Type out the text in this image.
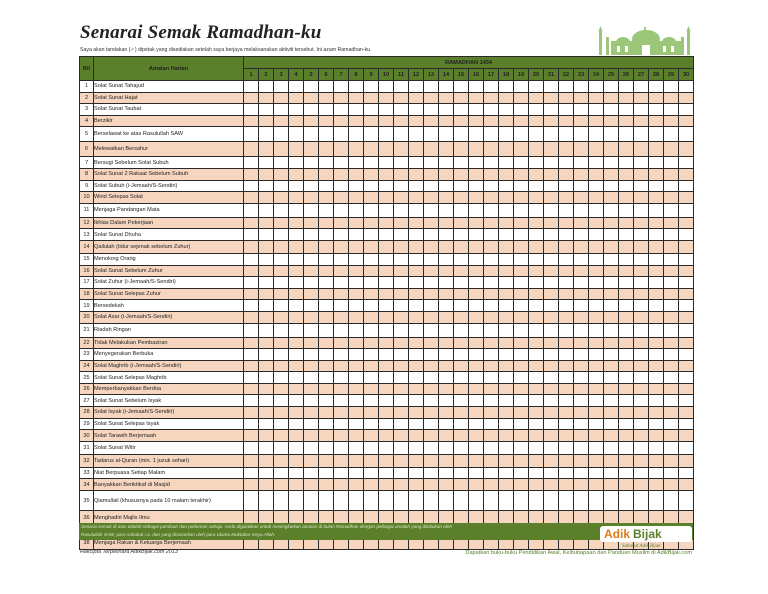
Senarai Semak Ramadhan-ku
Saya akan tandakan (✓) dipetak yang disediakan setelah saya berjaya melaksanakan aktiviti tersebut. Ini azam Ramadhan-ku.
Bil	Amalan Harian	RAMADHAN 1434																													
		1	2	3	4	5	6	7	8	9	10	11	12	13	14	15	16	17	18	19	20	21	22	23	24	25	26	27	28	29	30
1	Solat Sunat Tahajud																														
2	Solat Sunat Hajat																														
3	Solat Sunat Taubat																														
4	Berzikir																														
5	Berselawat ke atas Rasulullah SAW																														
6	Melewatkan Bersahur																														
7	Bersugi Sebelum Solat Subuh																														
8	Solat Sunat 2 Rakaat Sebelum Subuh																														
9	Solat Subuh (i-Jemaah/S-Sendiri)																														
10	Wirid Selepas Solat																														
11	Menjaga Pandangan Mata																														
12	Ikhlas Dalam Pekerjaan																														
13	Solat Sunat Dhuha																														
14	Qailulah (tidur sejenak sebelum Zuhur)																														
15	Menolong Orang																														
16	Solat Sunat Sebelum Zuhur																														
17	Solat Zuhur (i-Jemaah/S-Sendiri)																														
18	Solat Sunat Selepas Zuhur																														
19	Bersedekah																														
20	Solat Asar (i-Jemaah/S-Sendiri)																														
21	Riadah Ringan																														
22	Tidak Melakukan Pembaziran																														
23	Menyegerakan Berbuka																														
24	Solat Maghrib (i-Jemaah/S-Sendiri)																														
25	Solat Sunat Selepas Maghrib																														
26	Memperbanyakkan Berdoa																														
27	Solat Sunat Sebelum Isyak																														
28	Solat Isyak (i-Jemaah/S-Sendiri)																														
29	Solat Sunat Selepas Isyak																														
30	Solat Tarawih Berjemaah																														
31	Solat Sunat Witir																														
32	Tadarus al-Quran (min. 1 juzuk sehari)																														
33	Niat Berpuasa Setiap Malam																														
34	Banyakkan Beriktikaf di Masjid																														
35	Qiamullail (khususnya pada 10 malam terakhir)																														
36	Menghadiri Majlis Ilmu																														

38	Menjaga Rakan & Keluarga Berjemaah																														
Senarai semak di atas adalah sebagai panduan dan pedoman sahaja. Anda digalakkan untuk meningkatkan amalan di bulan Ramadhan dengan pelbagai amalan yang dilakukan oleh
Rasulullah SAW, para sahabat r.a. dan yang disarankan oleh para Ulama Muktabar Insya Allah.	Adik Bijak
Sahabat Adik Bijak
Hakcipta Terpelihara AdikBijak.com 2013	Dapatkan buku-buku Pendidikan Awal, Keibubapaan dan Panduan Muslim di AdikBijak.com
